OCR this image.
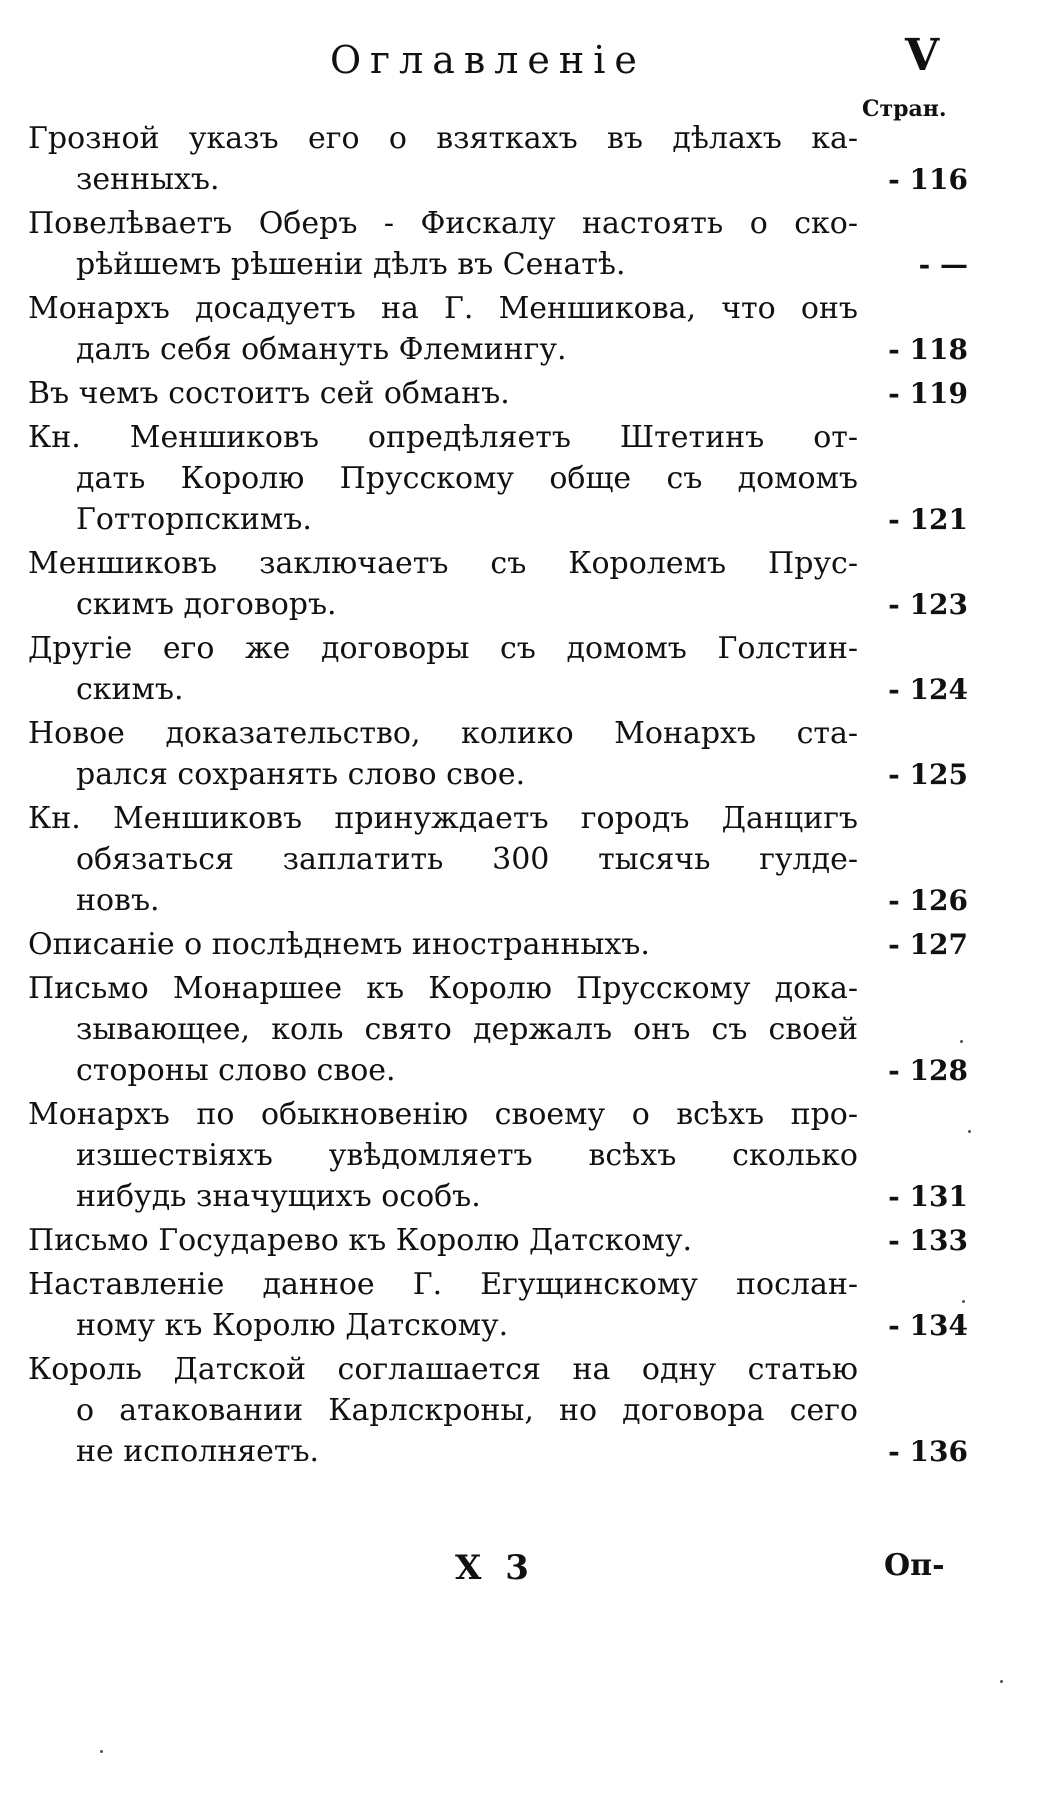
Оглавленіе	V
Стран.
Грозной указъ его о взяткахъ въ дѣлахъ ка-
зенныхъ.	- 116
Повелѣваетъ Оберъ - Фискалу настоять о ско-
рѣйшемъ рѣшеніи дѣлъ въ Сенатѣ.	- —
Монархъ досадуетъ на Г. Меншикова, что онъ
далъ себя обмануть Флемингу.	- 118
Въ чемъ состоитъ сей обманъ.	- 119
Кн. Меншиковъ опредѣляетъ Штетинъ от-
дать Королю Прусскому обще съ домомъ
Готторпскимъ.	- 121
Меншиковъ заключаетъ съ Королемъ Прус-
скимъ договоръ.	- 123
Другіе его же договоры съ домомъ Голстин-
скимъ.	- 124
Новое доказательство, колико Монархъ ста-
рался сохранять слово свое.	- 125
Кн. Меншиковъ принуждаетъ городъ Данцигъ
обязаться заплатить 300 тысячь гулде-
новъ.	- 126
Описаніе о послѣднемъ иностранныхъ.	- 127
Письмо Монаршее къ Королю Прусскому дока-
зывающее, коль свято держалъ онъ съ своей
стороны слово свое.	- 128
Монархъ по обыкновенію своему о всѣхъ про-
изшествіяхъ увѣдомляетъ всѣхъ сколько
нибудь значущихъ особъ.	- 131
Письмо Государево къ Королю Датскому.	- 133
Наставленіе данное Г. Егущинскому послан-
ному къ Королю Датскому.	- 134
Король Датской соглашается на одну статью
о атаковании Карлскроны, но договора сего
не исполняетъ.	- 136
Х 3	Оп-
